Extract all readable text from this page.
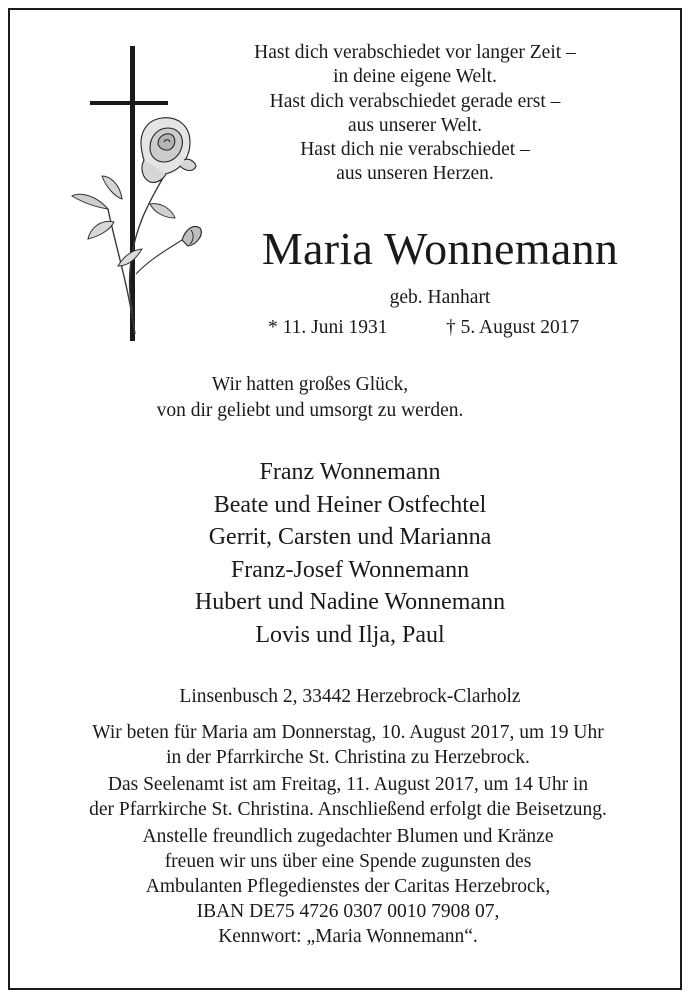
Hast dich verabschiedet vor langer Zeit –
in deine eigene Welt.
Hast dich verabschiedet gerade erst –
aus unserer Welt.
Hast dich nie verabschiedet –
aus unseren Herzen.
Maria Wonnemann
geb. Hanhart
* 11. Juni 1931	† 5. August 2017
Wir hatten großes Glück,
von dir geliebt und umsorgt zu werden.
Franz Wonnemann
Beate und Heiner Ostfechtel
Gerrit, Carsten und Marianna
Franz-Josef Wonnemann
Hubert und Nadine Wonnemann
Lovis und Ilja, Paul
Linsenbusch 2, 33442 Herzebrock-Clarholz
Wir beten für Maria am Donnerstag, 10. August 2017, um 19 Uhr
in der Pfarrkirche St. Christina zu Herzebrock.
Das Seelenamt ist am Freitag, 11. August 2017, um 14 Uhr in
der Pfarrkirche St. Christina. Anschließend erfolgt die Beisetzung.
Anstelle freundlich zugedachter Blumen und Kränze
freuen wir uns über eine Spende zugunsten des
Ambulanten Pflegedienstes der Caritas Herzebrock,
IBAN DE75 4726 0307 0010 7908 07,
Kennwort: „Maria Wonnemann“.
